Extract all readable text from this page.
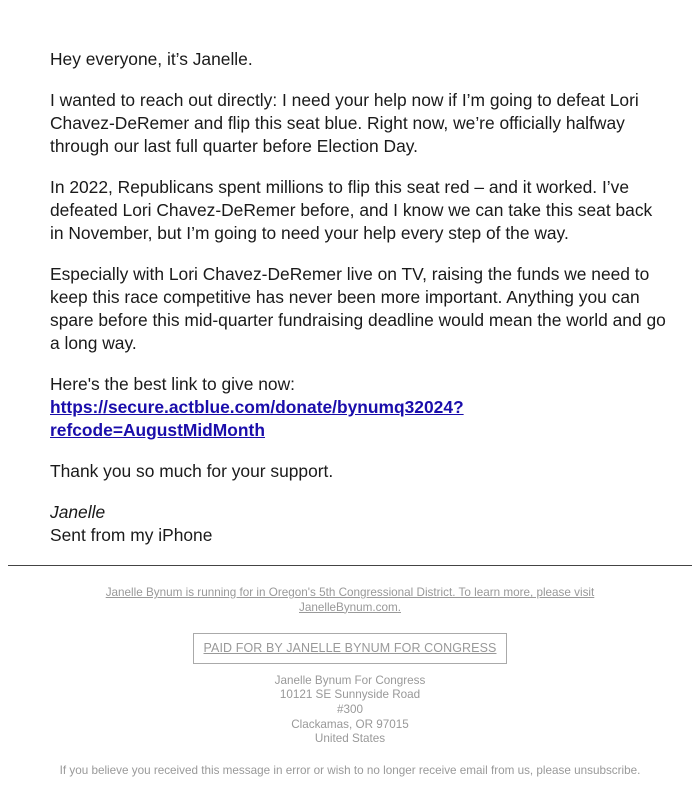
Hey everyone, it’s Janelle.

I wanted to reach out directly: I need your help now if I’m going to defeat Lori Chavez-DeRemer and flip this seat blue. Right now, we’re officially halfway through our last full quarter before Election Day.

In 2022, Republicans spent millions to flip this seat red – and it worked. I’ve defeated Lori Chavez-DeRemer before, and I know we can take this seat back in November, but I’m going to need your help every step of the way.

Especially with Lori Chavez-DeRemer live on TV, raising the funds we need to keep this race competitive has never been more important. Anything you can spare before this mid-quarter fundraising deadline would mean the world and go a long way.

Here's the best link to give now:
https://secure.actblue.com/donate/bynumq32024?
refcode=AugustMidMonth

Thank you so much for your support.

Janelle
Sent from my iPhone

Janelle Bynum is running for in Oregon's 5th Congressional District. To learn more, please visit JanelleBynum.com.
PAID FOR BY JANELLE BYNUM FOR CONGRESS
Janelle Bynum For Congress
10121 SE Sunnyside Road
#300
Clackamas, OR 97015
United States
If you believe you received this message in error or wish to no longer receive email from us, please unsubscribe.
